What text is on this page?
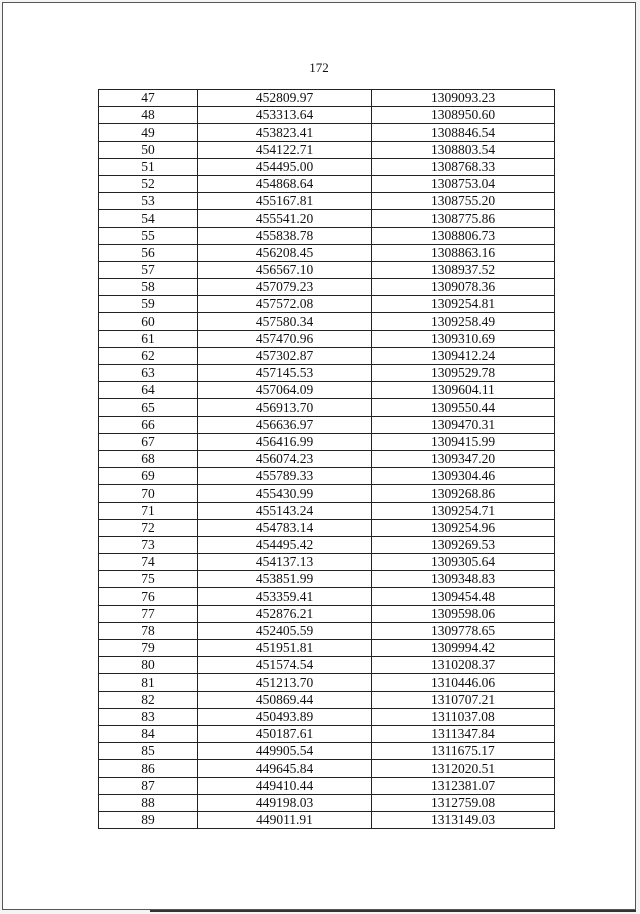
172
47	452809.97	1309093.23
48	453313.64	1308950.60
49	453823.41	1308846.54
50	454122.71	1308803.54
51	454495.00	1308768.33
52	454868.64	1308753.04
53	455167.81	1308755.20
54	455541.20	1308775.86
55	455838.78	1308806.73
56	456208.45	1308863.16
57	456567.10	1308937.52
58	457079.23	1309078.36
59	457572.08	1309254.81
60	457580.34	1309258.49
61	457470.96	1309310.69
62	457302.87	1309412.24
63	457145.53	1309529.78
64	457064.09	1309604.11
65	456913.70	1309550.44
66	456636.97	1309470.31
67	456416.99	1309415.99
68	456074.23	1309347.20
69	455789.33	1309304.46
70	455430.99	1309268.86
71	455143.24	1309254.71
72	454783.14	1309254.96
73	454495.42	1309269.53
74	454137.13	1309305.64
75	453851.99	1309348.83
76	453359.41	1309454.48
77	452876.21	1309598.06
78	452405.59	1309778.65
79	451951.81	1309994.42
80	451574.54	1310208.37
81	451213.70	1310446.06
82	450869.44	1310707.21
83	450493.89	1311037.08
84	450187.61	1311347.84
85	449905.54	1311675.17
86	449645.84	1312020.51
87	449410.44	1312381.07
88	449198.03	1312759.08
89	449011.91	1313149.03
